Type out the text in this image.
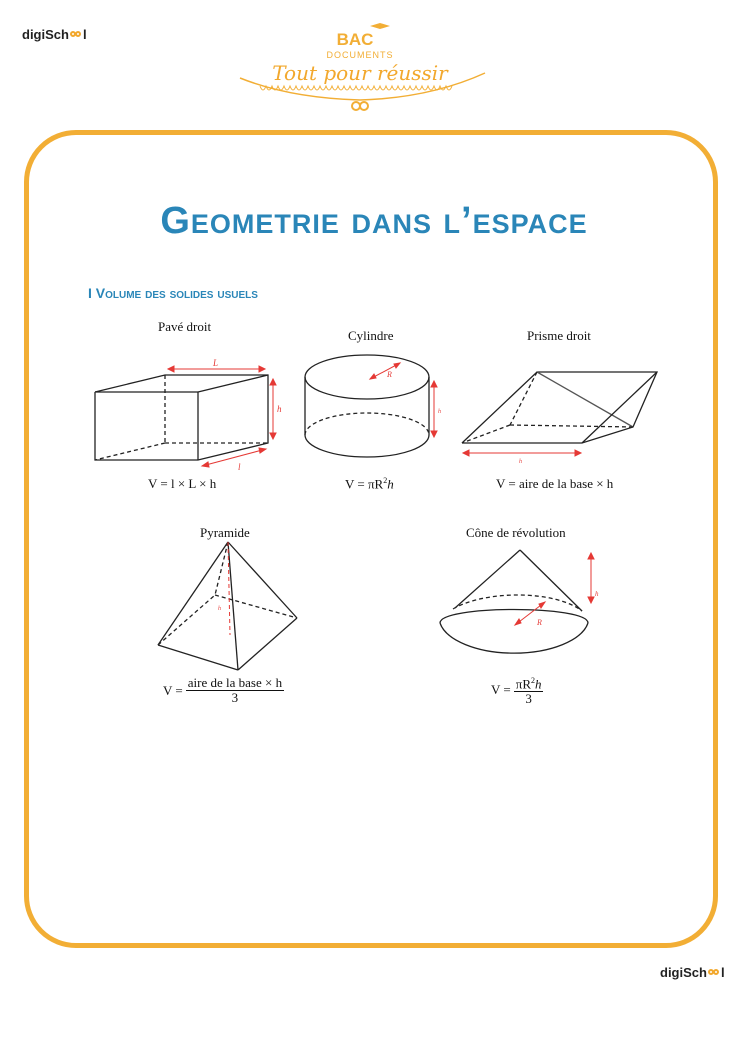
digiSch l	BAC
DOCUMENTS
Tout pour réussir
Geometrie dans l’espace
I Volume des solides usuels
Pavé droit
L
h
l
V = l × L × h
Cylindre
R
h
$V = \pi R^2h$
Prisme droit
h
V = aire de la base × h
Pyramide
h
$V = \frac{\text{aire de la base × h}}{3}$
Cône de révolution
R
h
$V = \frac{\pi R^2h}{3}$
digiSch l
